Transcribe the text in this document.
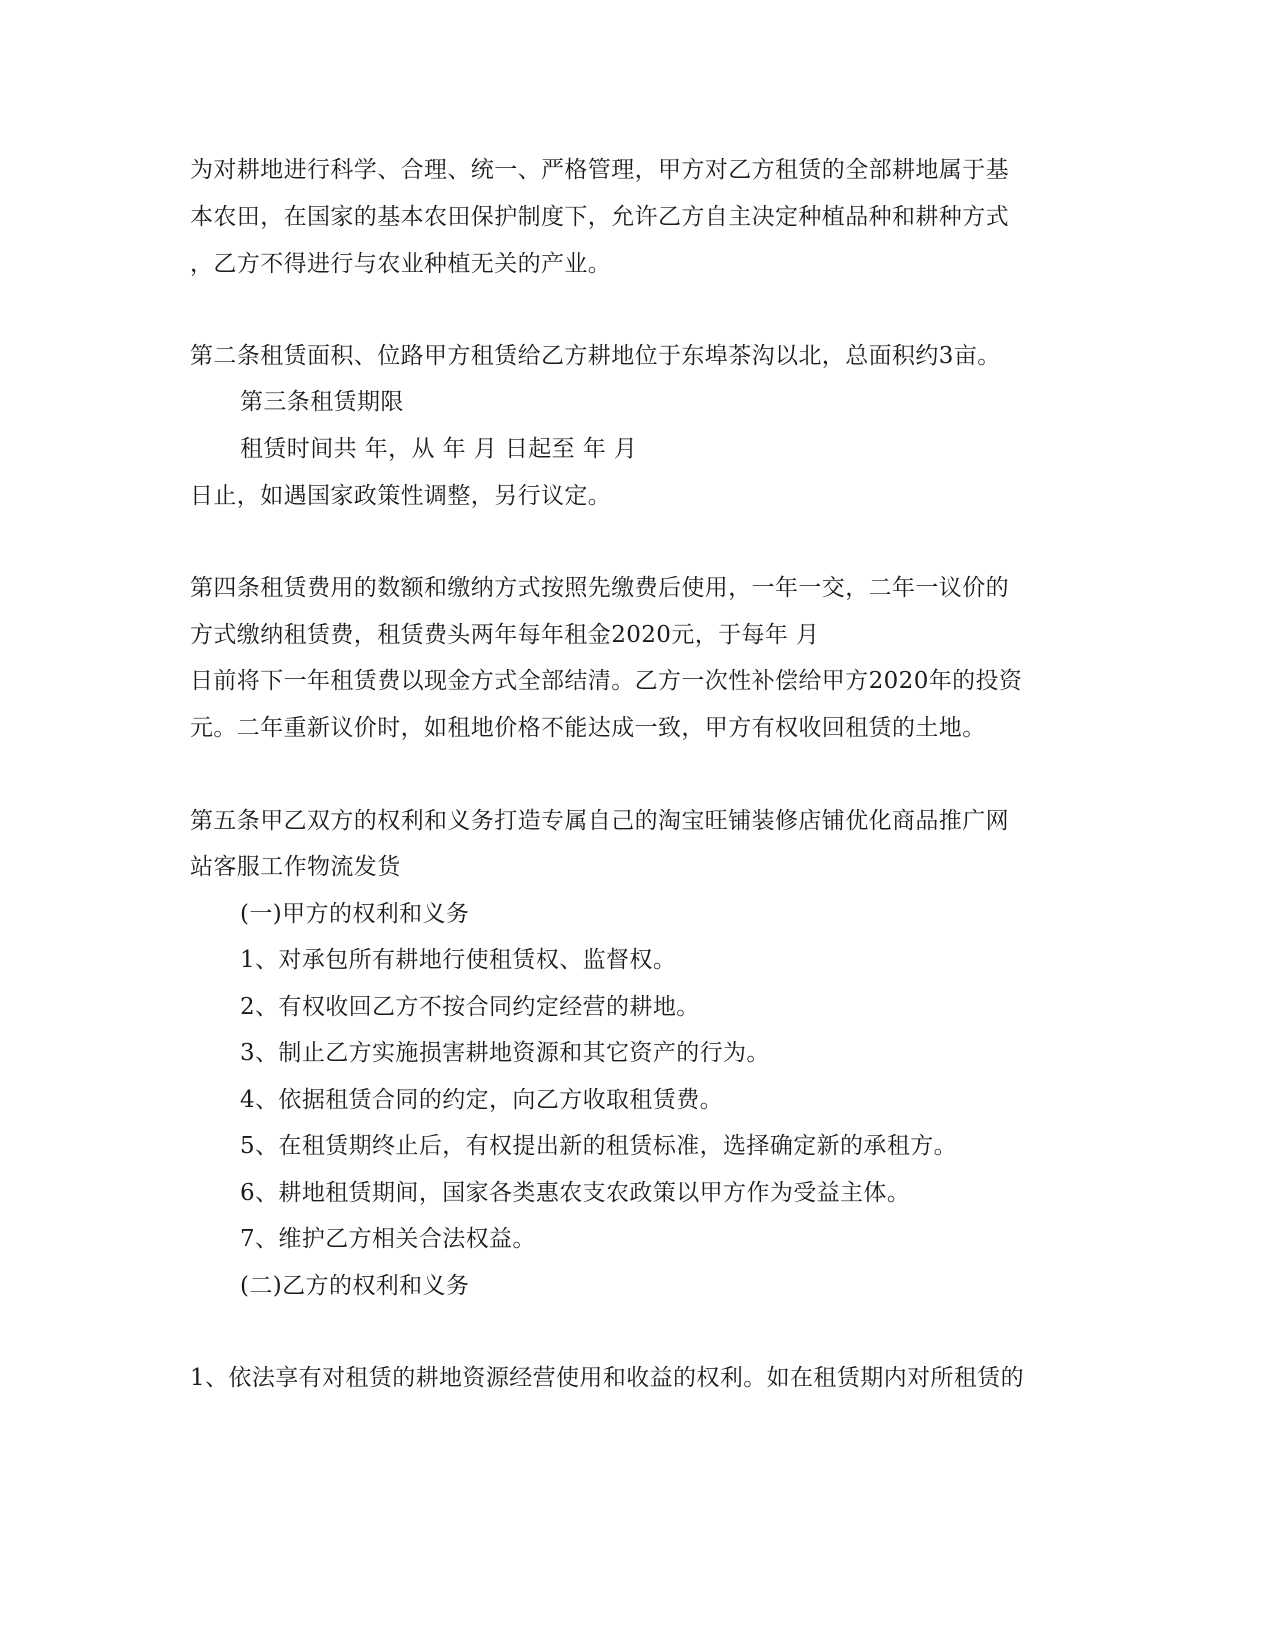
为对耕地进行科学、合理、统一、严格管理，甲方对乙方租赁的全部耕地属于基
本农田，在国家的基本农田保护制度下，允许乙方自主决定种植品种和耕种方式
，乙方不得进行与农业种植无关的产业。
第二条租赁面积、位路甲方租赁给乙方耕地位于东埠茶沟以北，总面积约3亩。
第三条租赁期限
租赁时间共 年，从 年 月 日起至 年 月
日止，如遇国家政策性调整，另行议定。
第四条租赁费用的数额和缴纳方式按照先缴费后使用，一年一交，二年一议价的
方式缴纳租赁费，租赁费头两年每年租金2020元，于每年 月
日前将下一年租赁费以现金方式全部结清。乙方一次性补偿给甲方2020年的投资
元。二年重新议价时，如租地价格不能达成一致，甲方有权收回租赁的土地。
第五条甲乙双方的权利和义务打造专属自己的淘宝旺铺装修店铺优化商品推广网
站客服工作物流发货
(一)甲方的权利和义务
1、对承包所有耕地行使租赁权、监督权。
2、有权收回乙方不按合同约定经营的耕地。
3、制止乙方实施损害耕地资源和其它资产的行为。
4、依据租赁合同的约定，向乙方收取租赁费。
5、在租赁期终止后，有权提出新的租赁标准，选择确定新的承租方。
6、耕地租赁期间，国家各类惠农支农政策以甲方作为受益主体。
7、维护乙方相关合法权益。
(二)乙方的权利和义务
1、依法享有对租赁的耕地资源经营使用和收益的权利。如在租赁期内对所租赁的
